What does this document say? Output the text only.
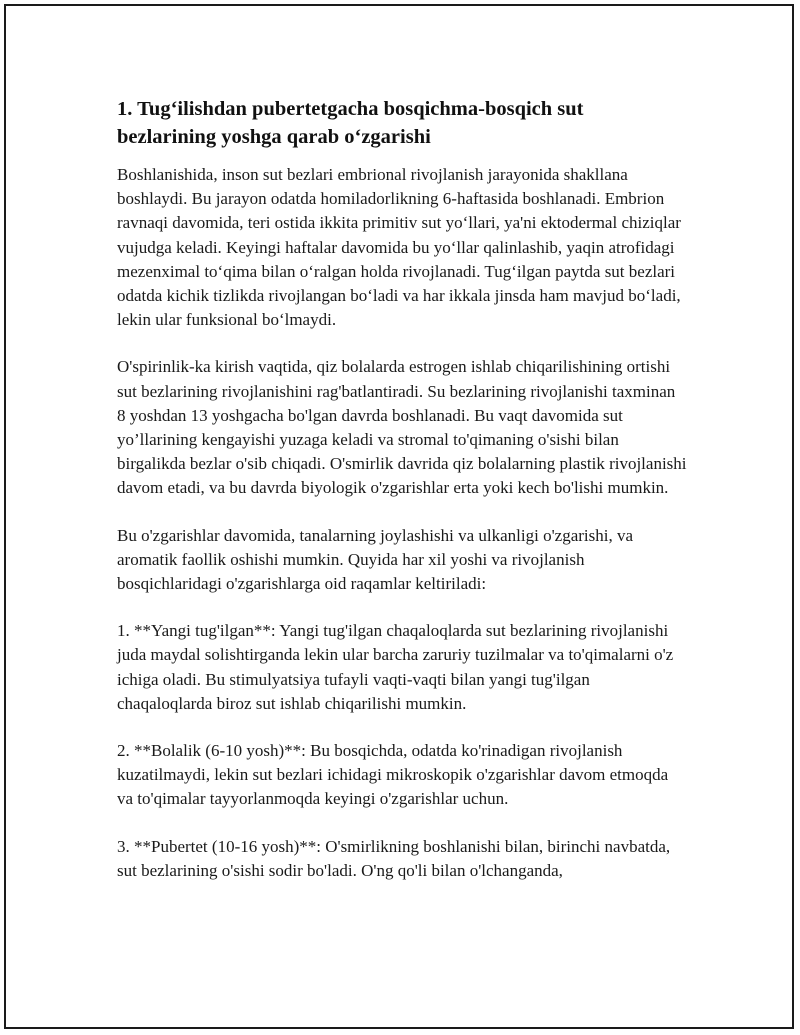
1. Tug‘ilishdan pubertetgacha bosqichma-bosqich sut bezlarining yoshga qarab o‘zgarishi

Boshlanishida, inson sut bezlari embrional rivojlanish jarayonida shakllana boshlaydi. Bu jarayon odatda homiladorlikning 6-haftasida boshlanadi. Embrion ravnaqi davomida, teri ostida ikkita primitiv sut yo‘llari, ya'ni ektodermal chiziqlar vujudga keladi. Keyingi haftalar davomida bu yo‘llar qalinlashib, yaqin atrofidagi mezenximal to‘qima bilan o‘ralgan holda rivojlanadi. Tug‘ilgan paytda sut bezlari odatda kichik tizlikda rivojlangan bo‘ladi va har ikkala jinsda ham mavjud bo‘ladi, lekin ular funksional bo‘lmaydi.

O'spirinlik-ka kirish vaqtida, qiz bolalarda estrogen ishlab chiqarilishining ortishi sut bezlarining rivojlanishini rag'batlantiradi. Su bezlarining rivojlanishi taxminan 8 yoshdan 13 yoshgacha bo'lgan davrda boshlanadi. Bu vaqt davomida sut yo’llarining kengayishi yuzaga keladi va stromal to'qimaning o'sishi bilan birgalikda bezlar o'sib chiqadi. O'smirlik davrida qiz bolalarning plastik rivojlanishi davom etadi, va bu davrda biyologik o'zgarishlar erta yoki kech bo'lishi mumkin.

Bu o'zgarishlar davomida, tanalarning joylashishi va ulkanligi o'zgarishi, va aromatik faollik oshishi mumkin. Quyida har xil yoshi va rivojlanish bosqichlaridagi o'zgarishlarga oid raqamlar keltiriladi:

1. **Yangi tug'ilgan**: Yangi tug'ilgan chaqaloqlarda sut bezlarining rivojlanishi juda maydal solishtirganda lekin ular barcha zaruriy tuzilmalar va to'qimalarni o'z ichiga oladi. Bu stimulyatsiya tufayli vaqti-vaqti bilan yangi tug'ilgan chaqaloqlarda biroz sut ishlab chiqarilishi mumkin.

2. **Bolalik (6-10 yosh)**: Bu bosqichda, odatda ko'rinadigan rivojlanish kuzatilmaydi, lekin sut bezlari ichidagi mikroskopik o'zgarishlar davom etmoqda va to'qimalar tayyorlanmoqda keyingi o'zgarishlar uchun.

3. **Pubertet (10-16 yosh)**: O'smirlikning boshlanishi bilan, birinchi navbatda, sut bezlarining o'sishi sodir bo'ladi. O'ng qo'li bilan o'lchanganda,
